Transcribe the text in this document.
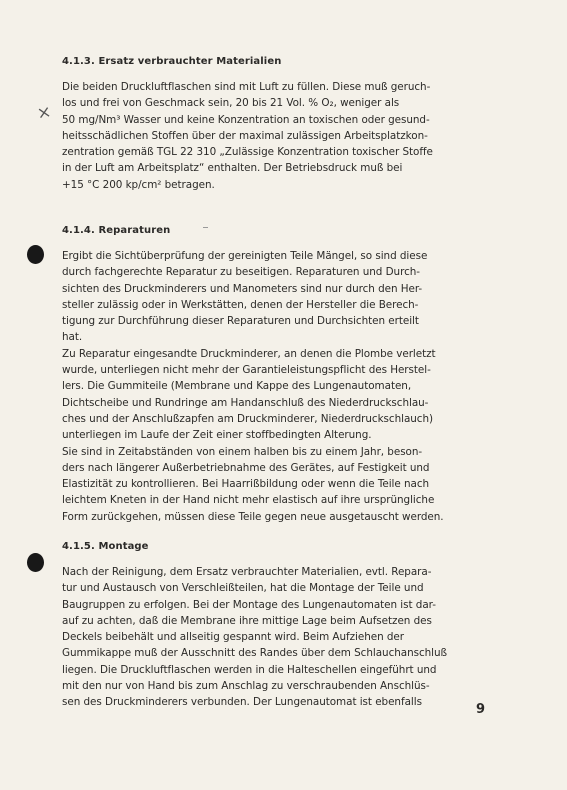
×
4.1.3. Ersatz verbrauchter Materialien

Die beiden Druckluftflaschen sind mit Luft zu füllen. Diese muß geruch-
los und frei von Geschmack sein, 20 bis 21 Vol. % O₂, weniger als
50 mg/Nm³ Wasser und keine Konzentration an toxischen oder gesund-
heitsschädlichen Stoffen über der maximal zulässigen Arbeitsplatzkon-
zentration gemäß TGL 22 310 „Zulässige Konzentration toxischer Stoffe
in der Luft am Arbeitsplatz“ enthalten. Der Betriebsdruck muß bei
+15 °C 200 kp/cm² betragen.

4.1.4. Reparaturen

Ergibt die Sichtüberprüfung der gereinigten Teile Mängel, so sind diese
durch fachgerechte Reparatur zu beseitigen. Reparaturen und Durch-
sichten des Druckminderers und Manometers sind nur durch den Her-
steller zulässig oder in Werkstätten, denen der Hersteller die Berech-
tigung zur Durchführung dieser Reparaturen und Durchsichten erteilt
hat.
Zu Reparatur eingesandte Druckminderer, an denen die Plombe verletzt
wurde, unterliegen nicht mehr der Garantieleistungspflicht des Herstel-
lers. Die Gummiteile (Membrane und Kappe des Lungenautomaten,
Dichtscheibe und Rundringe am Handanschluß des Niederdruckschlau-
ches und der Anschlußzapfen am Druckminderer, Niederdruckschlauch)
unterliegen im Laufe der Zeit einer stoffbedingten Alterung.
Sie sind in Zeitabständen von einem halben bis zu einem Jahr, beson-
ders nach längerer Außerbetriebnahme des Gerätes, auf Festigkeit und
Elastizität zu kontrollieren. Bei Haarrißbildung oder wenn die Teile nach
leichtem Kneten in der Hand nicht mehr elastisch auf ihre ursprüngliche
Form zurückgehen, müssen diese Teile gegen neue ausgetauscht werden.

4.1.5. Montage

Nach der Reinigung, dem Ersatz verbrauchter Materialien, evtl. Repara-
tur und Austausch von Verschleißteilen, hat die Montage der Teile und
Baugruppen zu erfolgen. Bei der Montage des Lungenautomaten ist dar-
auf zu achten, daß die Membrane ihre mittige Lage beim Aufsetzen des
Deckels beibehält und allseitig gespannt wird. Beim Aufziehen der
Gummikappe muß der Ausschnitt des Randes über dem Schlauchanschluß
liegen. Die Druckluftflaschen werden in die Halteschellen eingeführt und
mit den nur von Hand bis zum Anschlag zu verschraubenden Anschlüs-
sen des Druckminderers verbunden. Der Lungenautomat ist ebenfalls	9
